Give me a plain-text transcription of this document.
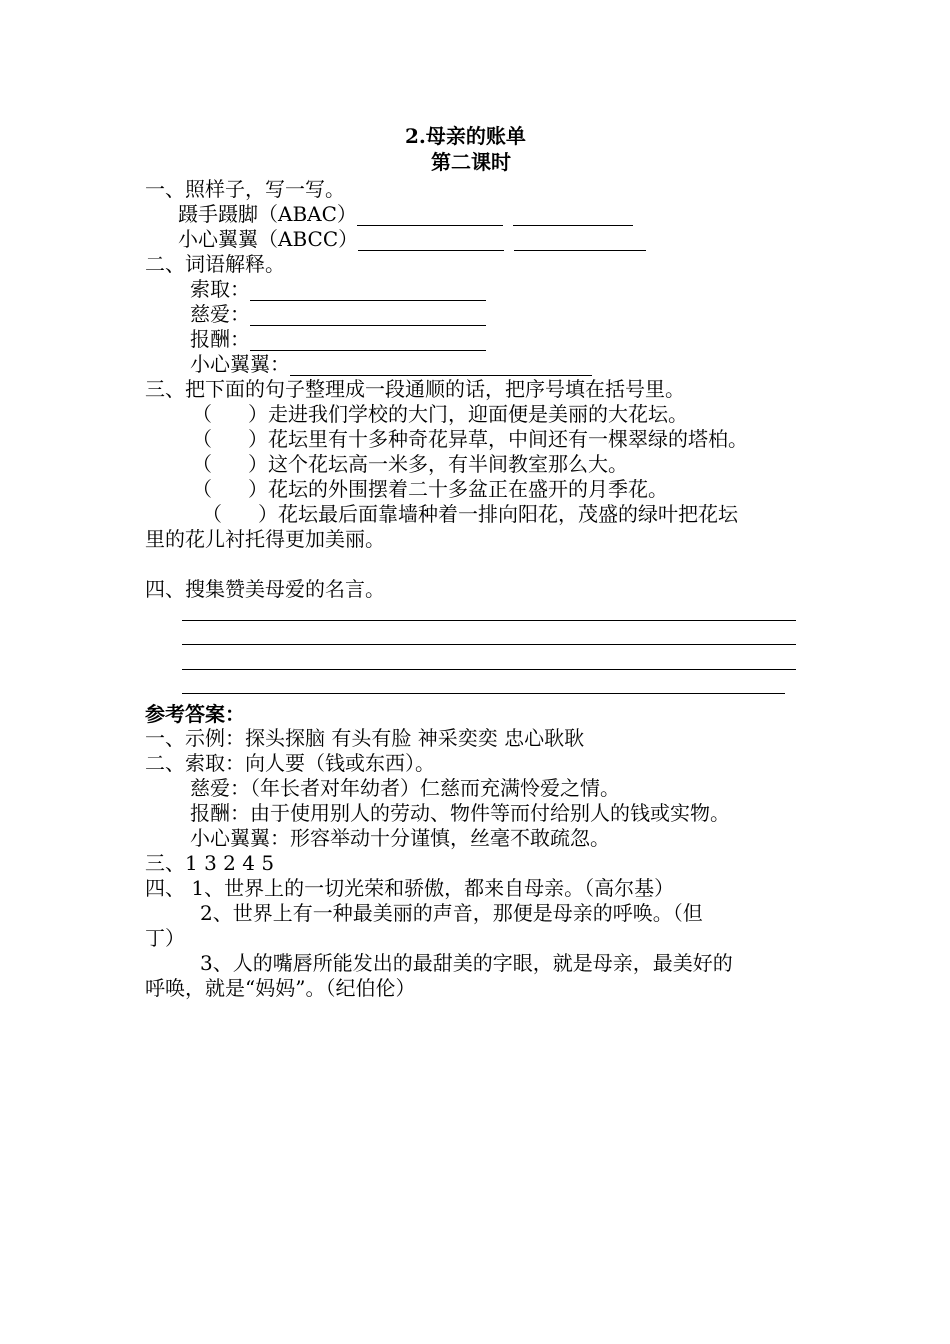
2.母亲的账单
第二课时
一、照样子，写一写。
蹑手蹑脚（ABAC）
小心翼翼（ABCC）
二、词语解释。
索取：
慈爱：
报酬：
小心翼翼：
三、把下面的句子整理成一段通顺的话，把序号填在括号里。
（ ）走进我们学校的大门，迎面便是美丽的大花坛。
（ ）花坛里有十多种奇花异草，中间还有一棵翠绿的塔柏。
（ ）这个花坛高一米多，有半间教室那么大。
（ ）花坛的外围摆着二十多盆正在盛开的月季花。
（ ）花坛最后面靠墙种着一排向阳花，茂盛的绿叶把花坛
里的花儿衬托得更加美丽。
四、搜集赞美母爱的名言。
参考答案：
一、示例：探头探脑 有头有脸 神采奕奕 忠心耿耿
二、索取：向人要（钱或东西）。
慈爱：（年长者对年幼者）仁慈而充满怜爱之情。
报酬：由于使用别人的劳动、物件等而付给别人的钱或实物。
小心翼翼：形容举动十分谨慎，丝毫不敢疏忽。
三、1 3 2 4 5
四、 1、世界上的一切光荣和骄傲，都来自母亲。（高尔基）
2、世界上有一种最美丽的声音，那便是母亲的呼唤。（但
丁）
3、人的嘴唇所能发出的最甜美的字眼，就是母亲，最美好的
呼唤，就是“妈妈”。（纪伯伦）
